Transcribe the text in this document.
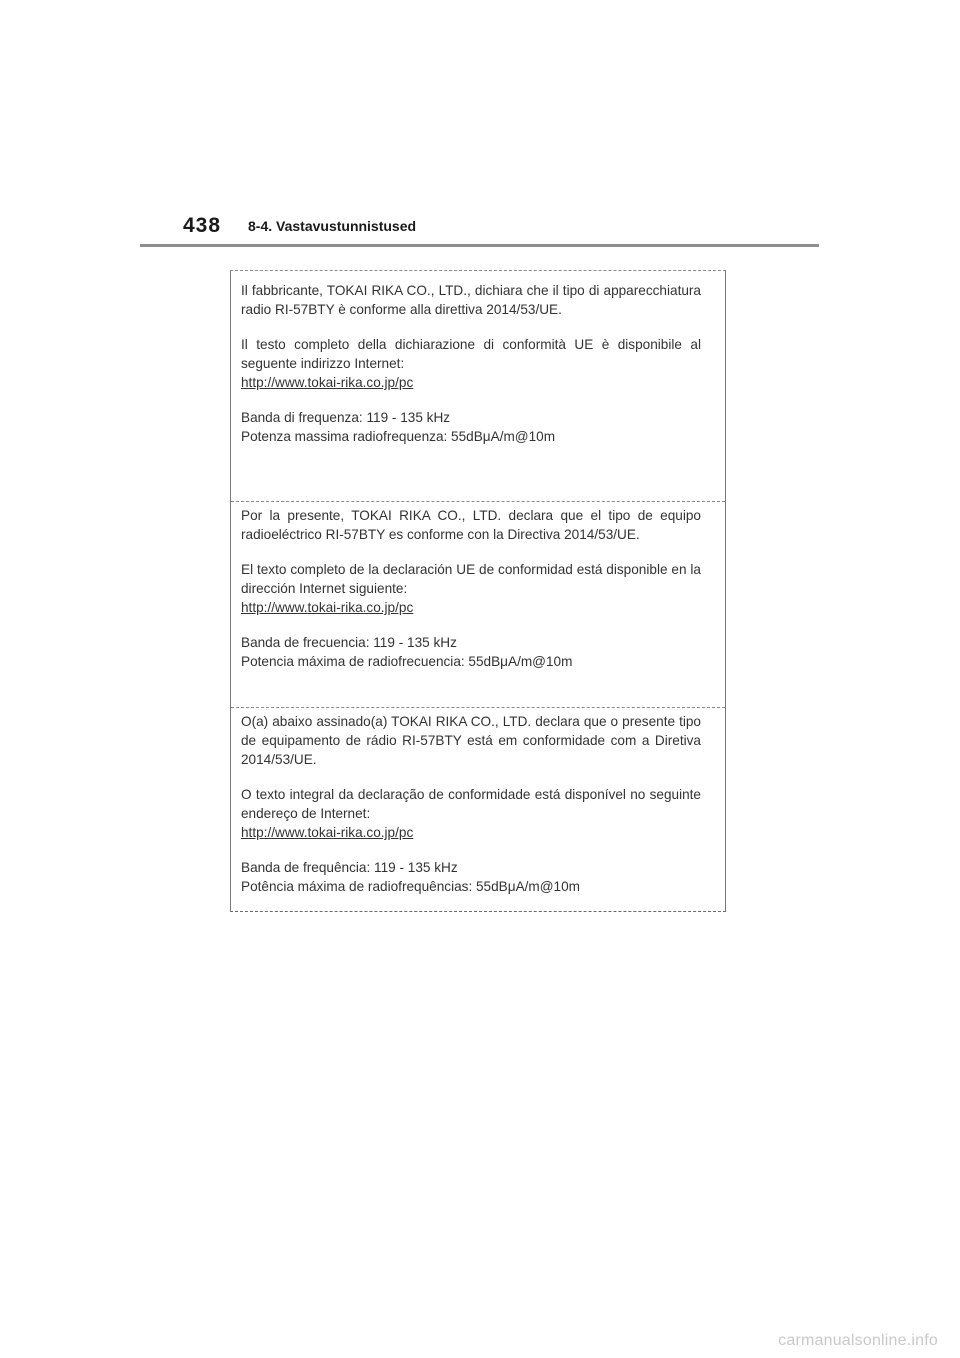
438 8-4. Vastavustunnistused

Il fabbricante, TOKAI RIKA CO., LTD., dichiara che il tipo di apparecchiatura radio RI-57BTY è conforme alla direttiva 2014/53/UE.

Il testo completo della dichiarazione di conformità UE è disponibile al seguente indirizzo Internet:
http://www.tokai-rika.co.jp/pc

Banda di frequenza: 119 - 135 kHz
Potenza massima radiofrequenza: 55dBμA/m@10m

Por la presente, TOKAI RIKA CO., LTD. declara que el tipo de equipo radioeléctrico RI-57BTY es conforme con la Directiva 2014/53/UE.

El texto completo de la declaración UE de conformidad está disponible en la dirección Internet siguiente:
http://www.tokai-rika.co.jp/pc

Banda de frecuencia: 119 - 135 kHz
Potencia máxima de radiofrecuencia: 55dBμA/m@10m

O(a) abaixo assinado(a) TOKAI RIKA CO., LTD. declara que o presente tipo de equipamento de rádio RI-57BTY está em conformidade com a Diretiva 2014/53/UE.

O texto integral da declaração de conformidade está disponível no seguinte endereço de Internet:
http://www.tokai-rika.co.jp/pc

Banda de frequência: 119 - 135 kHz
Potência máxima de radiofrequências: 55dBμA/m@10m

carmanualsonline.info
